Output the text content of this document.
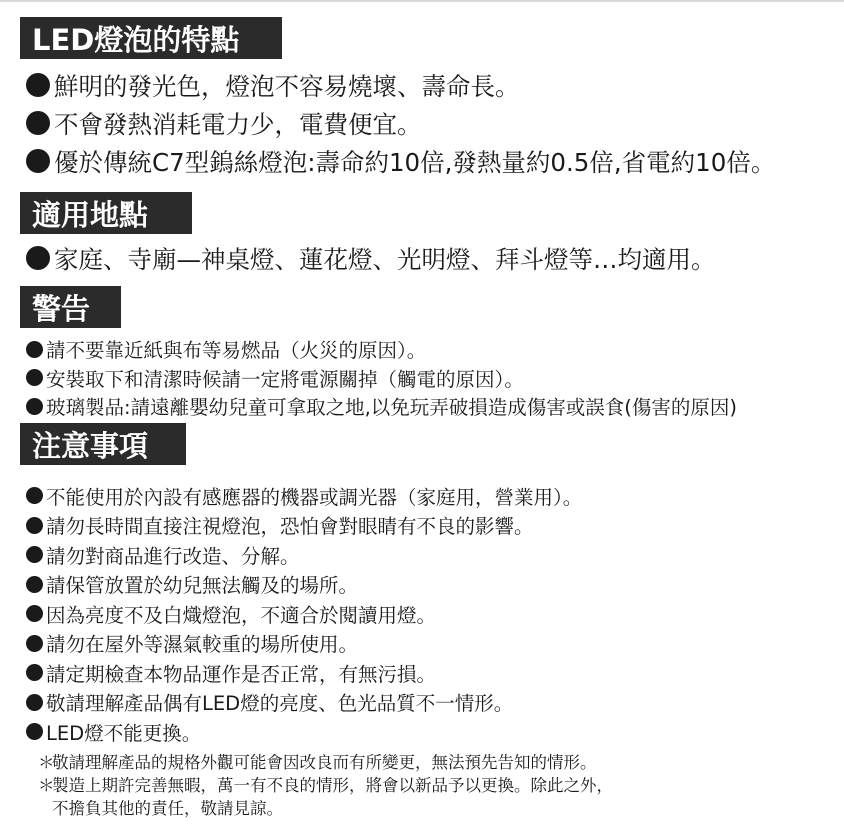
LED燈泡的特點
鮮明的發光色，燈泡不容易燒壞、壽命長。
不會發熱消耗電力少，電費便宜。
優於傳統C7型鎢絲燈泡:壽命約10倍,發熱量約0.5倍,省電約10倍。
適用地點
家庭、寺廟—神桌燈、蓮花燈、光明燈、拜斗燈等…均適用。
警告
請不要靠近紙與布等易燃品（火災的原因）。
安裝取下和清潔時候請一定將電源關掉（觸電的原因）。
玻璃製品:請遠離嬰幼兒童可拿取之地,以免玩弄破損造成傷害或誤食(傷害的原因)
注意事項
不能使用於內設有感應器的機器或調光器（家庭用，營業用）。
請勿長時間直接注視燈泡，恐怕會對眼睛有不良的影響。
請勿對商品進行改造、分解。
請保管放置於幼兒無法觸及的場所。
因為亮度不及白熾燈泡，不適合於閱讀用燈。
請勿在屋外等濕氣較重的場所使用。
請定期檢查本物品運作是否正常，有無污損。
敬請理解產品偶有LED燈的亮度、色光品質不一情形。
LED燈不能更換。
＊
敬請理解產品的規格外觀可能會因改良而有所變更，無法預先告知的情形。
＊
製造上期許完善無暇，萬一有不良的情形，將會以新品予以更換。除此之外，
不擔負其他的責任，敬請見諒。
